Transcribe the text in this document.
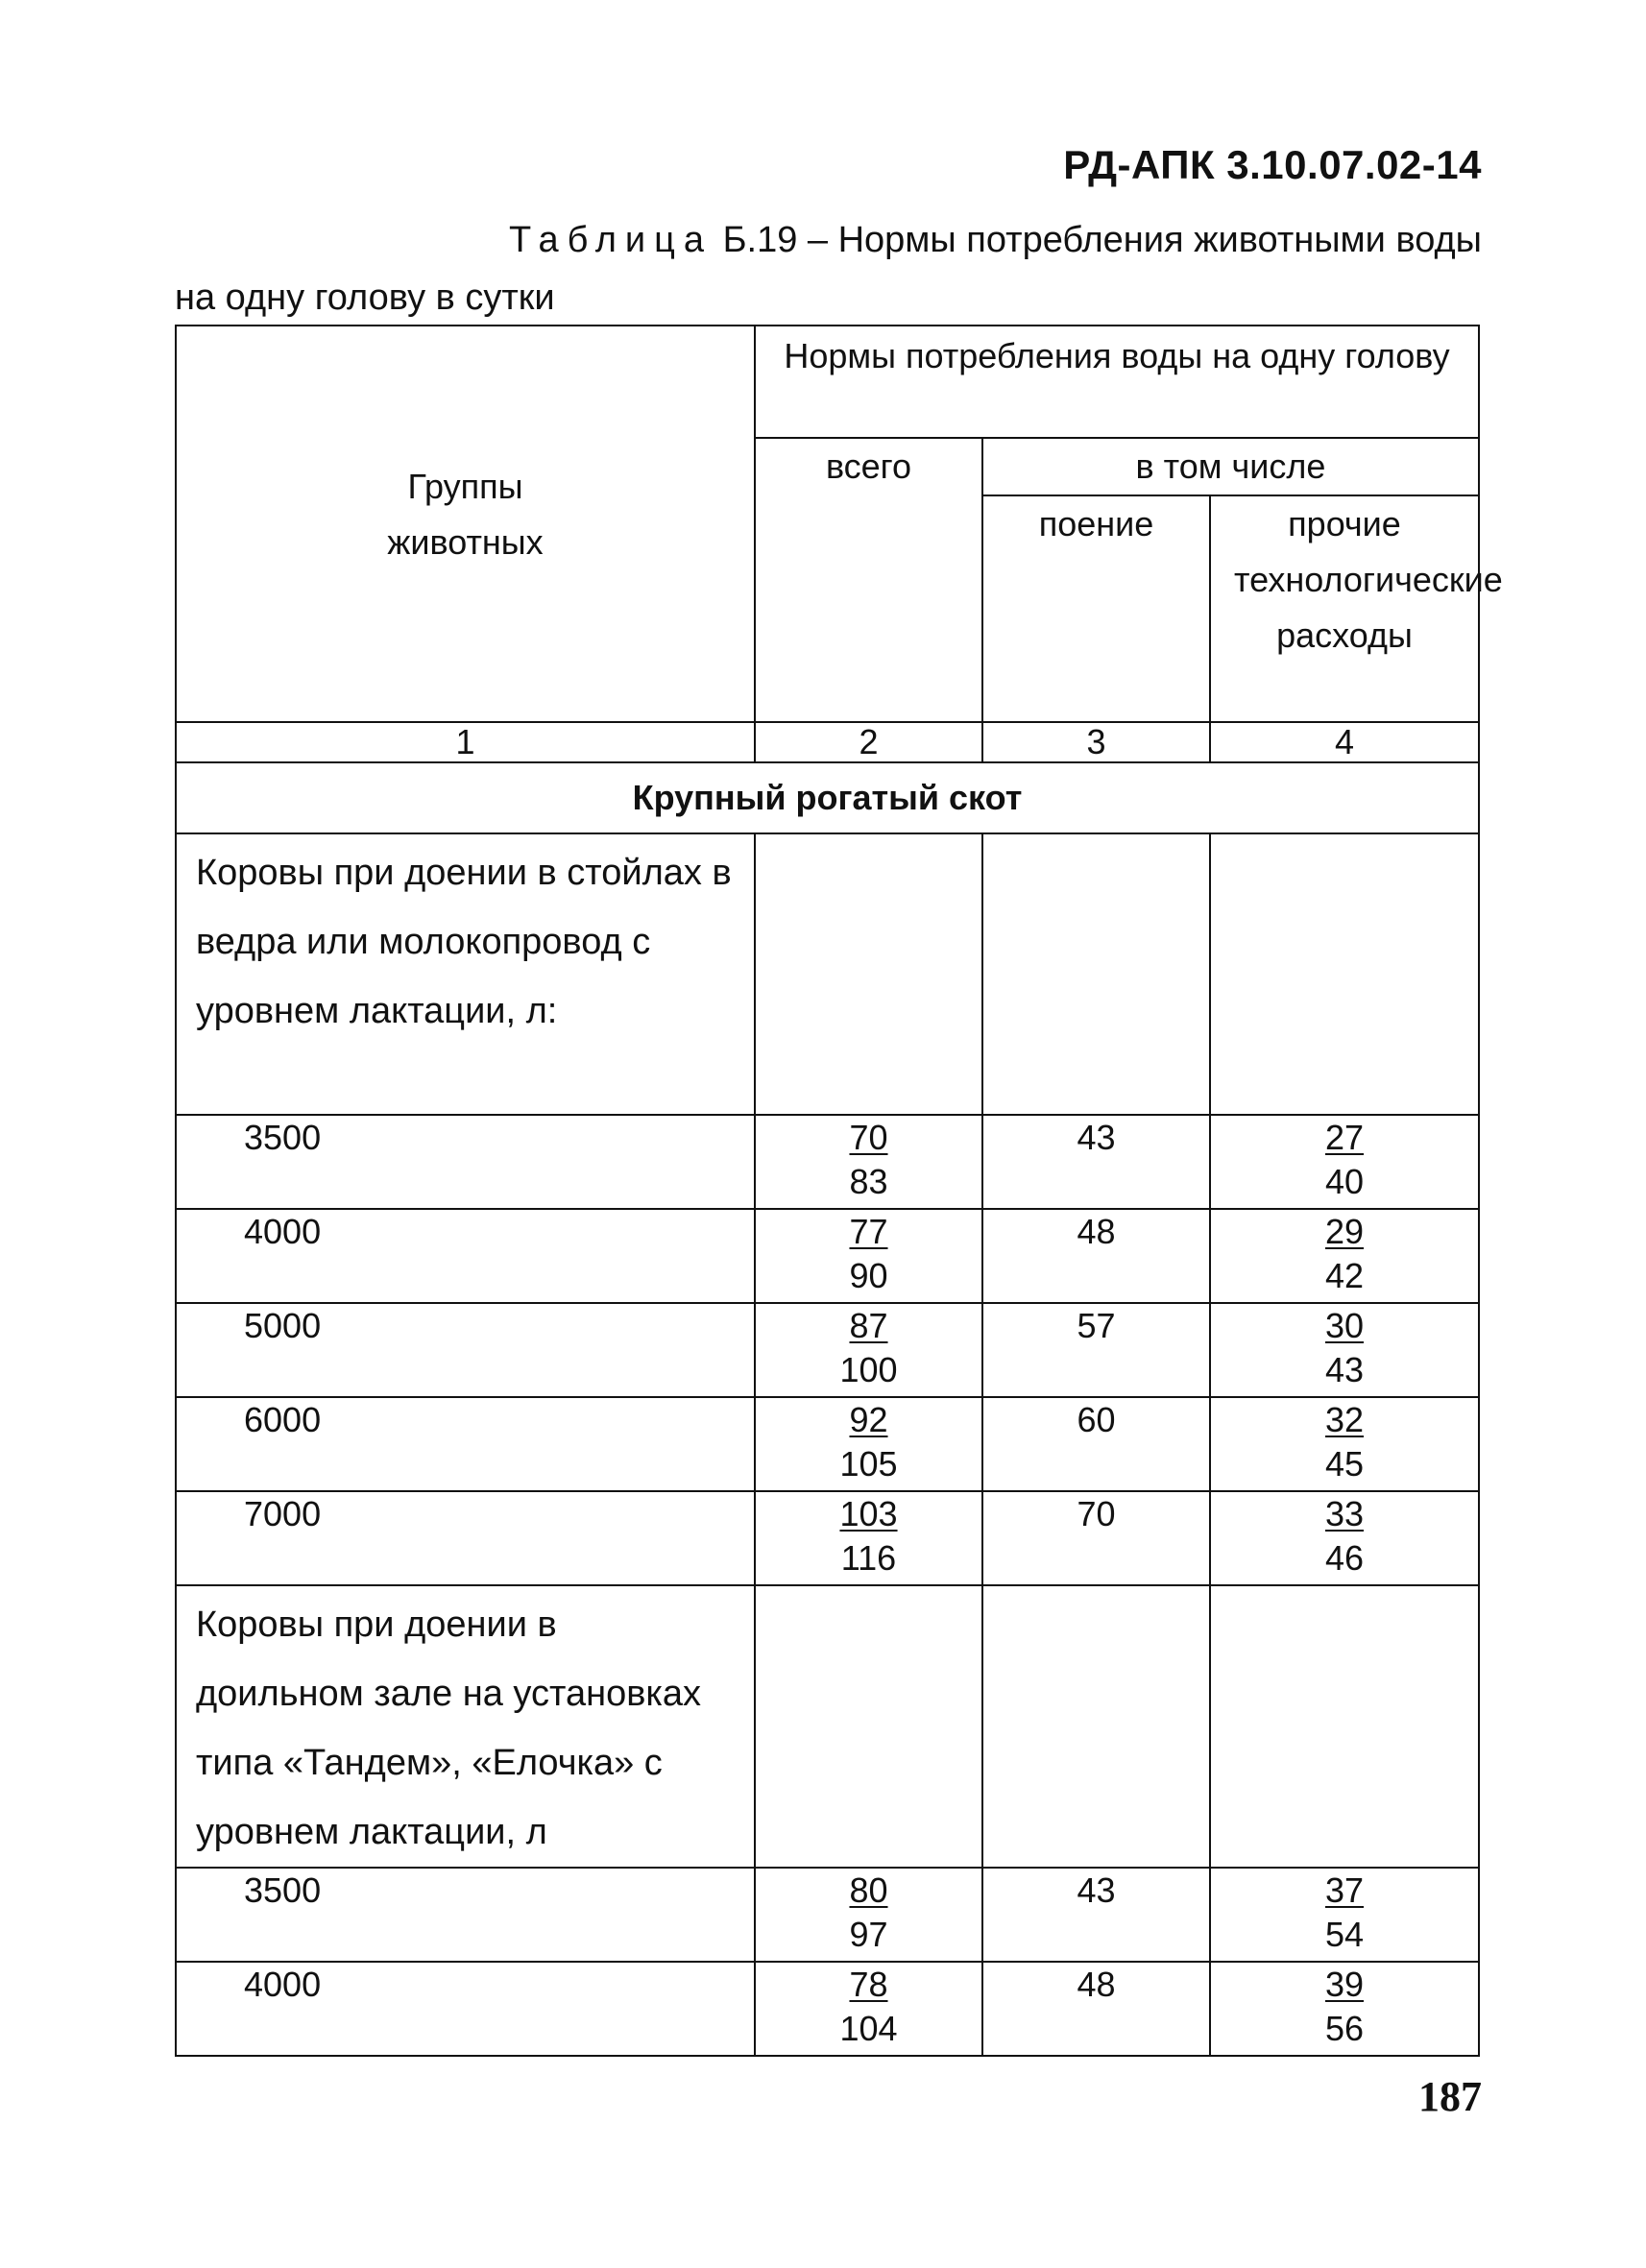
РД-АПК 3.10.07.02-14
Таблица Б.19 – Нормы потребления животными воды
на одну голову в сутки
Группы животных	Нормы потребления воды на одну голову		

	всего	в том числе	
		поение	прочие технологические расходы

1	2	3	4
Крупный рогатый скот			
Коровы при доении в стойлах в ведра или молокопровод с уровнем лактации, л:			
3500	$\frac{70}{83}$	43	$\frac{27}{40}$

4000	$\frac{77}{90}$	48	$\frac{29}{42}$

5000	$\frac{87}{100}$	57	$\frac{30}{43}$

6000	$\frac{92}{105}$	60	$\frac{32}{45}$

7000	$\frac{103}{116}$	70	$\frac{33}{46}$

Коровы при доении в доильном зале на установках типа «Тандем», «Елочка» с уровнем лактации, л			
3500	$\frac{80}{97}$	43	$\frac{37}{54}$

4000	$\frac{78}{104}$	48	$\frac{39}{56}$
187
